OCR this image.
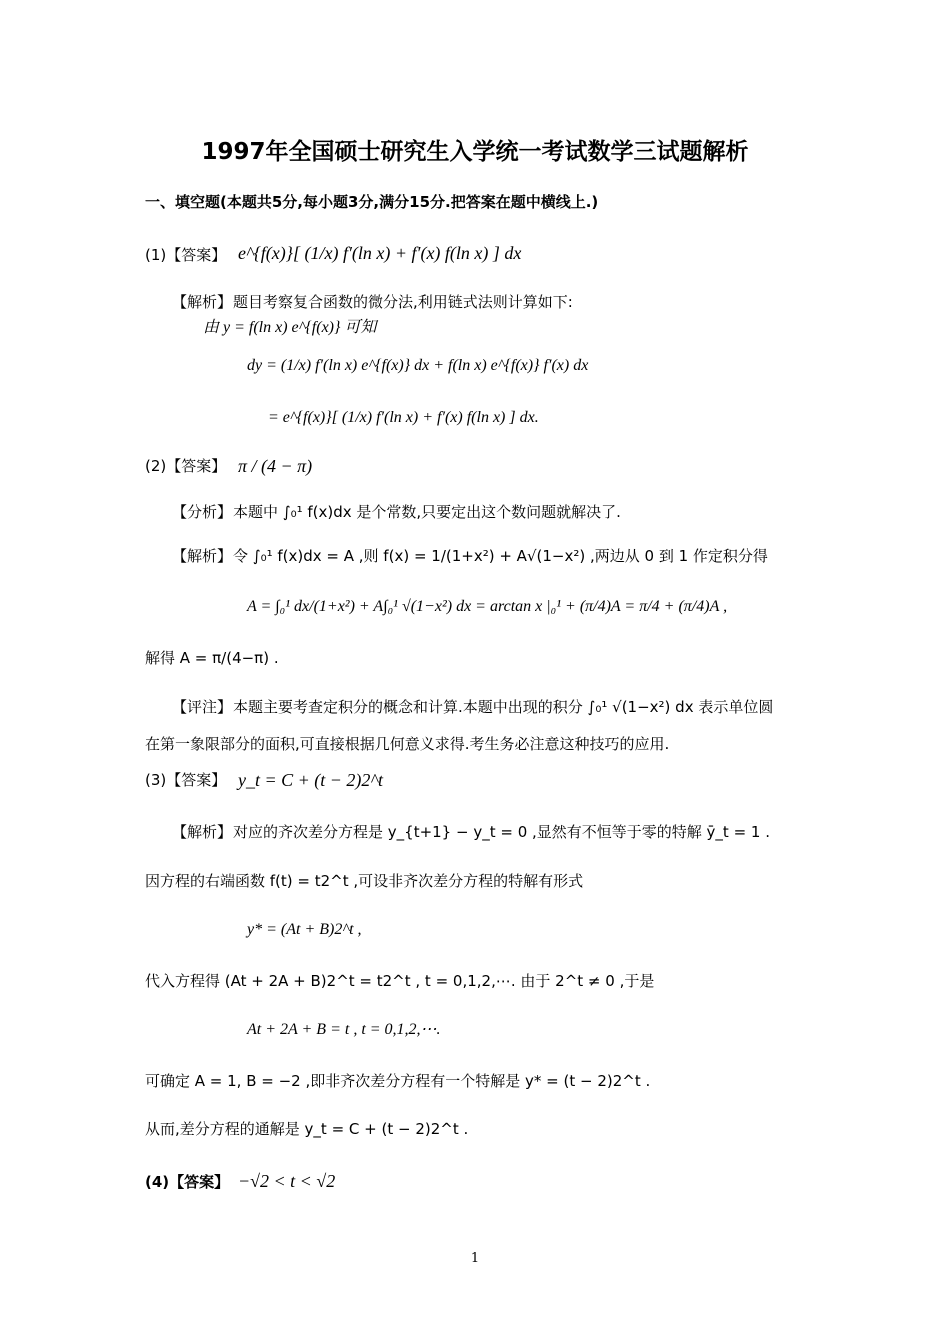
1997年全国硕士研究生入学统一考试数学三试题解析
一、填空题(本题共5分,每小题3分,满分15分.把答案在题中横线上.)
(1)【答案】 e^{f(x)}[ (1/x) f′(ln x) + f′(x) f(ln x) ] dx
【解析】 题目考察复合函数的微分法,利用链式法则计算如下:
由 y = f(ln x) e^{f(x)} 可知
dy = (1/x) f′(ln x) e^{f(x)} dx + f(ln x) e^{f(x)} f′(x) dx
= e^{f(x)}[ (1/x) f′(ln x) + f′(x) f(ln x) ] dx.
(2)【答案】 π / (4 − π)
【分析】 本题中 ∫₀¹ f(x)dx 是个常数,只要定出这个数问题就解决了.
【解析】 令 ∫₀¹ f(x)dx = A ,则 f(x) = 1/(1+x²) + A√(1−x²) ,两边从 0 到 1 作定积分得
A = ∫₀¹ dx/(1+x²) + A∫₀¹ √(1−x²) dx = arctan x |₀¹ + (π/4)A = π/4 + (π/4)A ,
解得 A = π/(4−π) .
【评注】 本题主要考查定积分的概念和计算.本题中出现的积分 ∫₀¹ √(1−x²) dx 表示单位圆
在第一象限部分的面积,可直接根据几何意义求得.考生务必注意这种技巧的应用.
(3)【答案】 y_t = C + (t − 2)2^t
【解析】 对应的齐次差分方程是 y_{t+1} − y_t = 0 ,显然有不恒等于零的特解 ȳ_t = 1 .
因方程的右端函数 f(t) = t2^t ,可设非齐次差分方程的特解有形式
y* = (At + B)2^t ,
代入方程得 (At + 2A + B)2^t = t2^t , t = 0,1,2,⋯. 由于 2^t ≠ 0 ,于是
At + 2A + B = t , t = 0,1,2,⋯.
可确定 A = 1, B = −2 ,即非齐次差分方程有一个特解是 y* = (t − 2)2^t .
从而,差分方程的通解是 y_t = C + (t − 2)2^t .
(4)【答案】 −√2 < t < √2
1
